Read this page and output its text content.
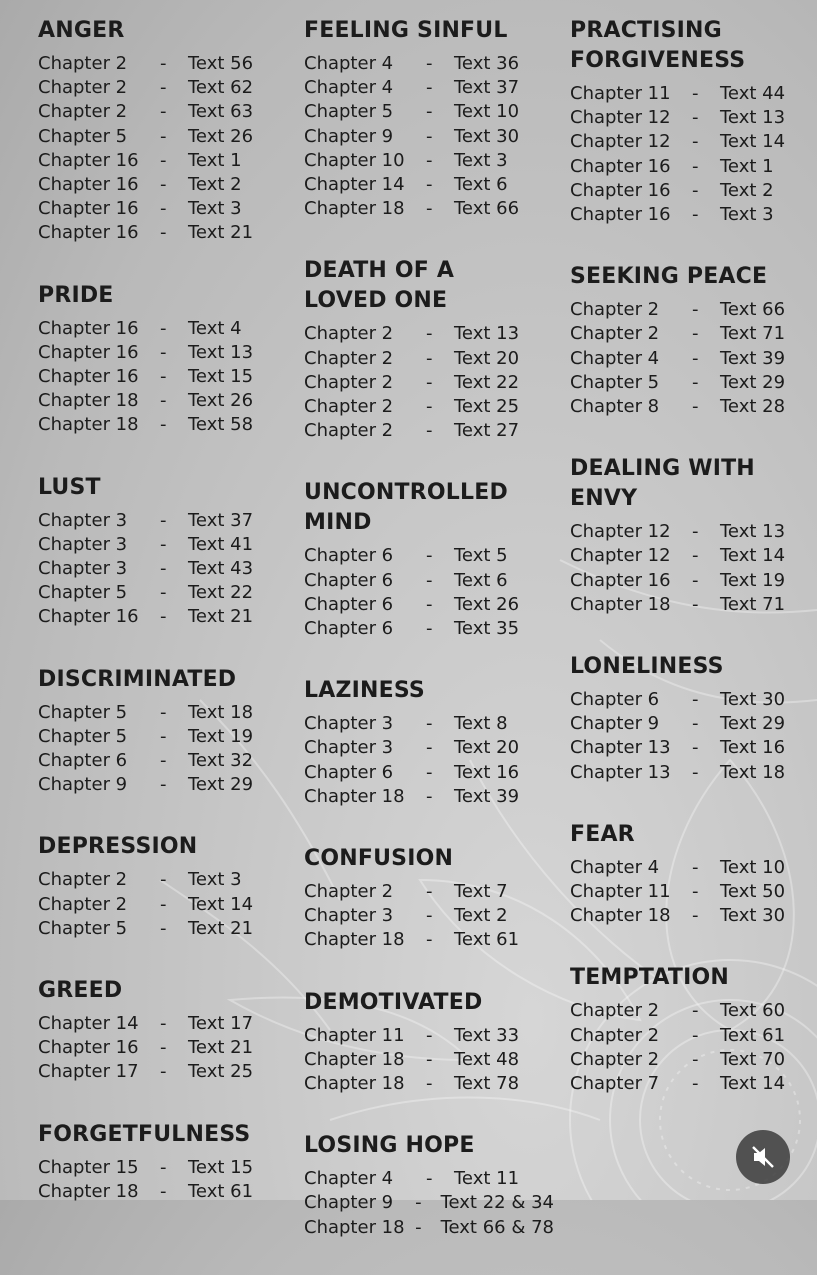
ANGER
Chapter 2	-	Text 56
Chapter 2	-	Text 62
Chapter 2	-	Text 63
Chapter 5	-	Text 26
Chapter 16	-	Text 1
Chapter 16	-	Text 2
Chapter 16	-	Text 3
Chapter 16	-	Text 21
PRIDE
Chapter 16	-	Text 4
Chapter 16	-	Text 13
Chapter 16	-	Text 15
Chapter 18	-	Text 26
Chapter 18	-	Text 58
LUST
Chapter 3	-	Text 37
Chapter 3	-	Text 41
Chapter 3	-	Text 43
Chapter 5	-	Text 22
Chapter 16	-	Text 21
DISCRIMINATED
Chapter 5	-	Text 18
Chapter 5	-	Text 19
Chapter 6	-	Text 32
Chapter 9	-	Text 29
DEPRESSION
Chapter 2	-	Text 3
Chapter 2	-	Text 14
Chapter 5	-	Text 21
GREED
Chapter 14	-	Text 17
Chapter 16	-	Text 21
Chapter 17	-	Text 25
FORGETFULNESS
Chapter 15	-	Text 15
Chapter 18	-	Text 61
FEELING SINFUL
Chapter 4	-	Text 36
Chapter 4	-	Text 37
Chapter 5	-	Text 10
Chapter 9	-	Text 30
Chapter 10	-	Text 3
Chapter 14	-	Text 6
Chapter 18	-	Text 66
DEATH OF A
LOVED ONE
Chapter 2	-	Text 13
Chapter 2	-	Text 20
Chapter 2	-	Text 22
Chapter 2	-	Text 25
Chapter 2	-	Text 27
UNCONTROLLED
MIND
Chapter 6	-	Text 5
Chapter 6	-	Text 6
Chapter 6	-	Text 26
Chapter 6	-	Text 35
LAZINESS
Chapter 3	-	Text 8
Chapter 3	-	Text 20
Chapter 6	-	Text 16
Chapter 18	-	Text 39
CONFUSION
Chapter 2	-	Text 7
Chapter 3	-	Text 2
Chapter 18	-	Text 61
DEMOTIVATED
Chapter 11	-	Text 33
Chapter 18	-	Text 48
Chapter 18	-	Text 78
LOSING HOPE
Chapter 4	-	Text 11
Chapter 9	-	Text 22 & 34
Chapter 18 -	Text 66 & 78
PRACTISING
FORGIVENESS
Chapter 11	-	Text 44
Chapter 12	-	Text 13
Chapter 12	-	Text 14
Chapter 16	-	Text 1
Chapter 16	-	Text 2
Chapter 16	-	Text 3
SEEKING PEACE
Chapter 2	-	Text 66
Chapter 2	-	Text 71
Chapter 4	-	Text 39
Chapter 5	-	Text 29
Chapter 8	-	Text 28
DEALING WITH
ENVY
Chapter 12	-	Text 13
Chapter 12	-	Text 14
Chapter 16	-	Text 19
Chapter 18	-	Text 71
LONELINESS
Chapter 6	-	Text 30
Chapter 9	-	Text 29
Chapter 13	-	Text 16
Chapter 13	-	Text 18
FEAR
Chapter 4	-	Text 10
Chapter 11	-	Text 50
Chapter 18	-	Text 30
TEMPTATION
Chapter 2	-	Text 60
Chapter 2	-	Text 61
Chapter 2	-	Text 70
Chapter 7	-	Text 14
